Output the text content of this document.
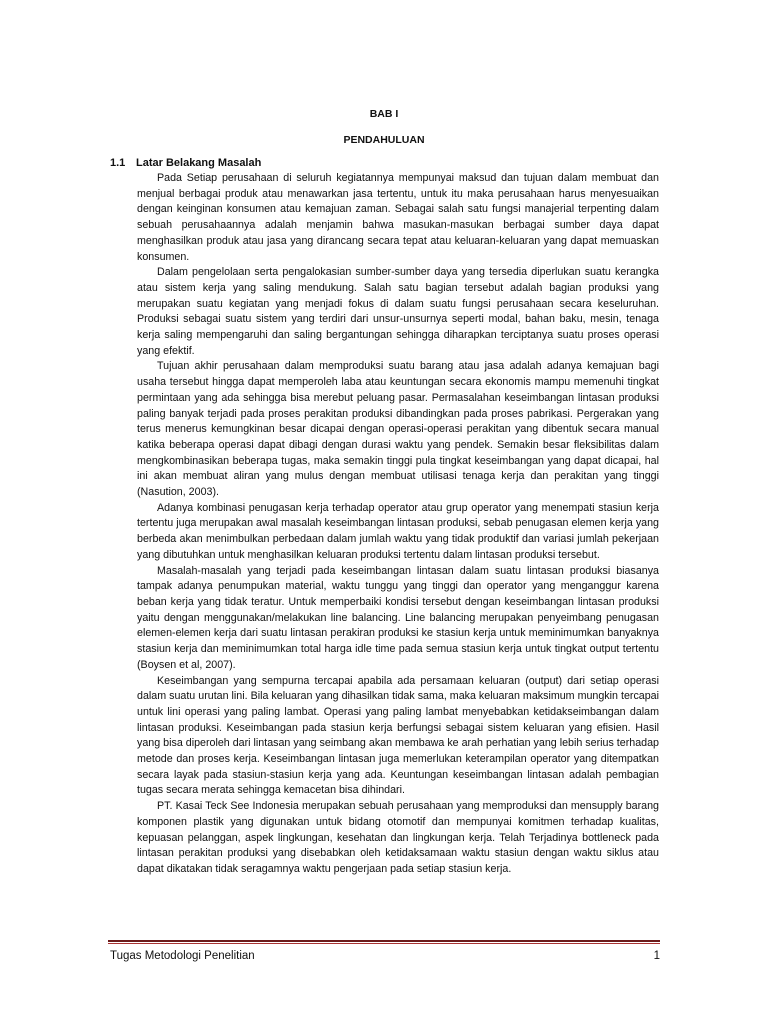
BAB I
PENDAHULUAN
1.1 Latar Belakang Masalah

Pada Setiap perusahaan di seluruh kegiatannya mempunyai maksud dan tujuan dalam membuat dan menjual berbagai produk atau menawarkan jasa tertentu, untuk itu maka perusahaan harus menyesuaikan dengan keinginan konsumen atau kemajuan zaman. Sebagai salah satu fungsi manajerial terpenting dalam sebuah perusahaannya adalah menjamin bahwa masukan-masukan berbagai sumber daya dapat menghasilkan produk atau jasa yang dirancang secara tepat atau keluaran-keluaran yang dapat memuaskan konsumen.

Dalam pengelolaan serta pengalokasian sumber-sumber daya yang tersedia diperlukan suatu kerangka atau sistem kerja yang saling mendukung. Salah satu bagian tersebut adalah bagian produksi yang merupakan suatu kegiatan yang menjadi fokus di dalam suatu fungsi perusahaan secara keseluruhan. Produksi sebagai suatu sistem yang terdiri dari unsur-unsurnya seperti modal, bahan baku, mesin, tenaga kerja saling mempengaruhi dan saling bergantungan sehingga diharapkan terciptanya suatu proses operasi yang efektif.

Tujuan akhir perusahaan dalam memproduksi suatu barang atau jasa adalah adanya kemajuan bagi usaha tersebut hingga dapat memperoleh laba atau keuntungan secara ekonomis mampu memenuhi tingkat permintaan yang ada sehingga bisa merebut peluang pasar. Permasalahan keseimbangan lintasan produksi paling banyak terjadi pada proses perakitan produksi dibandingkan pada proses pabrikasi. Pergerakan yang terus menerus kemungkinan besar dicapai dengan operasi-operasi perakitan yang dibentuk secara manual katika beberapa operasi dapat dibagi dengan durasi waktu yang pendek. Semakin besar fleksibilitas dalam mengkombinasikan beberapa tugas, maka semakin tinggi pula tingkat keseimbangan yang dapat dicapai, hal ini akan membuat aliran yang mulus dengan membuat utilisasi tenaga kerja dan perakitan yang tinggi (Nasution, 2003).

Adanya kombinasi penugasan kerja terhadap operator atau grup operator yang menempati stasiun kerja tertentu juga merupakan awal masalah keseimbangan lintasan produksi, sebab penugasan elemen kerja yang berbeda akan menimbulkan perbedaan dalam jumlah waktu yang tidak produktif dan variasi jumlah pekerjaan yang dibutuhkan untuk menghasilkan keluaran produksi tertentu dalam lintasan produksi tersebut.

Masalah-masalah yang terjadi pada keseimbangan lintasan dalam suatu lintasan produksi biasanya tampak adanya penumpukan material, waktu tunggu yang tinggi dan operator yang menganggur karena beban kerja yang tidak teratur. Untuk memperbaiki kondisi tersebut dengan keseimbangan lintasan produksi yaitu dengan menggunakan/melakukan line balancing. Line balancing merupakan penyeimbang penugasan elemen-elemen kerja dari suatu lintasan perakiran produksi ke stasiun kerja untuk meminimumkan banyaknya stasiun kerja dan meminimumkan total harga idle time pada semua stasiun kerja untuk tingkat output tertentu (Boysen et al, 2007).

Keseimbangan yang sempurna tercapai apabila ada persamaan keluaran (output) dari setiap operasi dalam suatu urutan lini. Bila keluaran yang dihasilkan tidak sama, maka keluaran maksimum mungkin tercapai untuk lini operasi yang paling lambat. Operasi yang paling lambat menyebabkan ketidakseimbangan dalam lintasan produksi. Keseimbangan pada stasiun kerja berfungsi sebagai sistem keluaran yang efisien. Hasil yang bisa diperoleh dari lintasan yang seimbang akan membawa ke arah perhatian yang lebih serius terhadap metode dan proses kerja. Keseimbangan lintasan juga memerlukan keterampilan operator yang ditempatkan secara layak pada stasiun-stasiun kerja yang ada. Keuntungan keseimbangan lintasan adalah pembagian tugas secara merata sehingga kemacetan bisa dihindari.

PT. Kasai Teck See Indonesia merupakan sebuah perusahaan yang memproduksi dan mensupply barang komponen plastik yang digunakan untuk bidang otomotif dan mempunyai komitmen terhadap kualitas, kepuasan pelanggan, aspek lingkungan, kesehatan dan lingkungan kerja. Telah Terjadinya bottleneck pada lintasan perakitan produksi yang disebabkan oleh ketidaksamaan waktu stasiun dengan waktu siklus atau dapat dikatakan tidak seragamnya waktu pengerjaan pada setiap stasiun kerja.

Tugas Metodologi Penelitian	1
